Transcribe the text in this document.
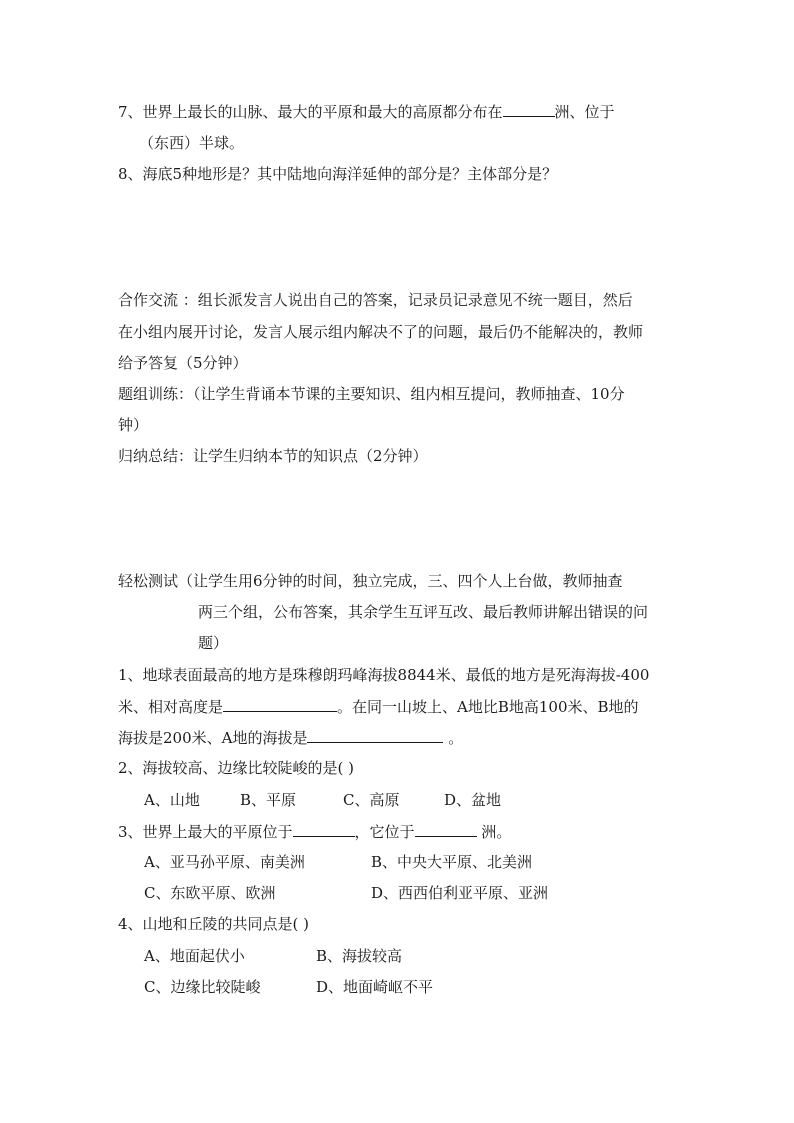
7、世界上最长的山脉、最大的平原和最大的高原都分布在	洲、位于
（东西）半球。
8、海底5种地形是？其中陆地向海洋延伸的部分是？主体部分是？
合作交流 ：组长派发言人说出自己的答案，记录员记录意见不统一题目，然后
在小组内展开讨论，发言人展示组内解决不了的问题，最后仍不能解决的，教师
给予答复（5分钟）
题组训练：（让学生背诵本节课的主要知识、组内相互提问，教师抽查、10分
钟）
归纳总结：让学生归纳本节的知识点（2分钟）
轻松测试（让学生用6分钟的时间，独立完成，三、四个人上台做，教师抽查
两三个组，公布答案，其余学生互评互改、最后教师讲解出错误的问
题）
1、地球表面最高的地方是珠穆朗玛峰海拔8844米、最低的地方是死海海拔-400
米、相对高度是	。在同一山坡上、A地比B地高100米、B地的
海拔是200米、A地的海拔是	。
2、海拔较高、边缘比较陡峻的是( )
A、山地	B、平原	C、高原	D、盆地
3、世界上最大的平原位于	，它位于	洲。
A、亚马孙平原、南美洲	B、中央大平原、北美洲
C、东欧平原、欧洲	D、西西伯利亚平原、亚洲
4、山地和丘陵的共同点是( )
A、地面起伏小	B、海拔较高
C、边缘比较陡峻	D、地面崎岖不平
